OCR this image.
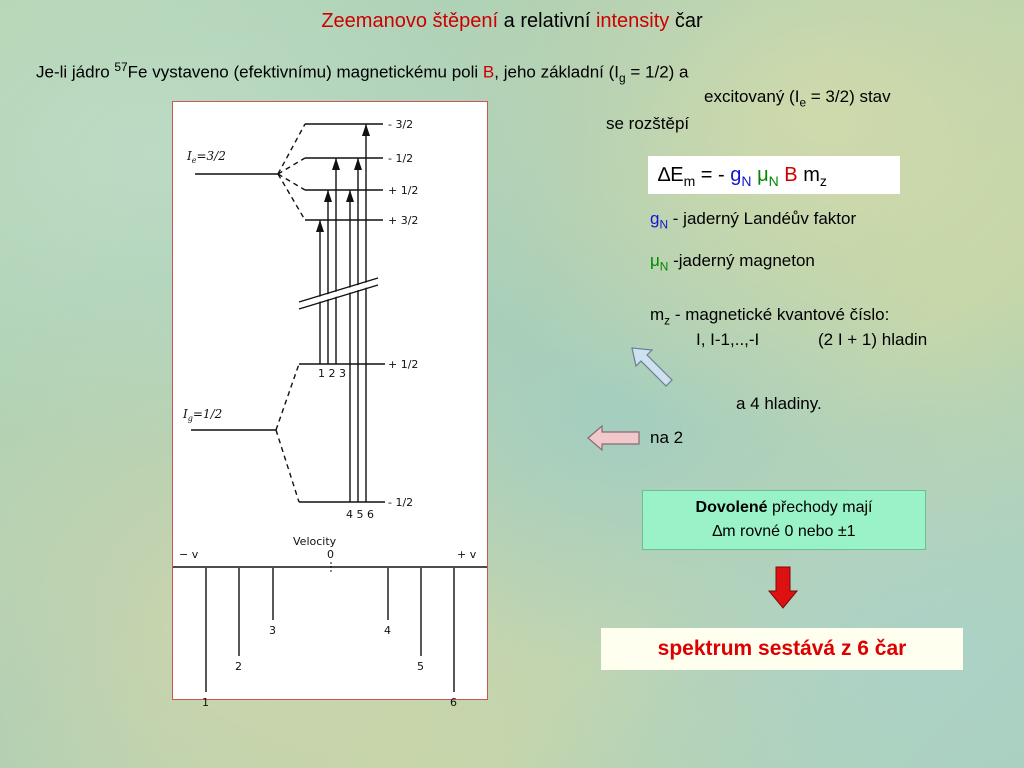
Zeemanovo štěpení a relativní intensity čar
Je-li jádro $^{57}$Fe vystaveno (efektivnímu) magnetickému poli B, jeho základní $(I_g = 1/2)$ a
excitovaný $(I_e = 3/2)$ stav
se rozštěpí
$\Delta E_m$ = - $g_N$ $\mu_N$ B $m_z$
$g_N$ - jaderný Landéův faktor
$\mu_N$ -jaderný magneton
$m_z$ - magnetické kvantové číslo:
I, I-1,..,-I	(2 I + 1) hladin
a 4 hladiny.
na 2
Dovolené přechody mají
∆m rovné 0 nebo ±1
spektrum sestává z 6 čar
$I_e=3/2$
$I_g=1/2$
- 3/2
- 1/2
+ 1/2
+ 3/2
+ 1/2
- 1/2
1 2 3
4 5 6
Velocity
− v	0	+ v
1
2
3	4
5
6
